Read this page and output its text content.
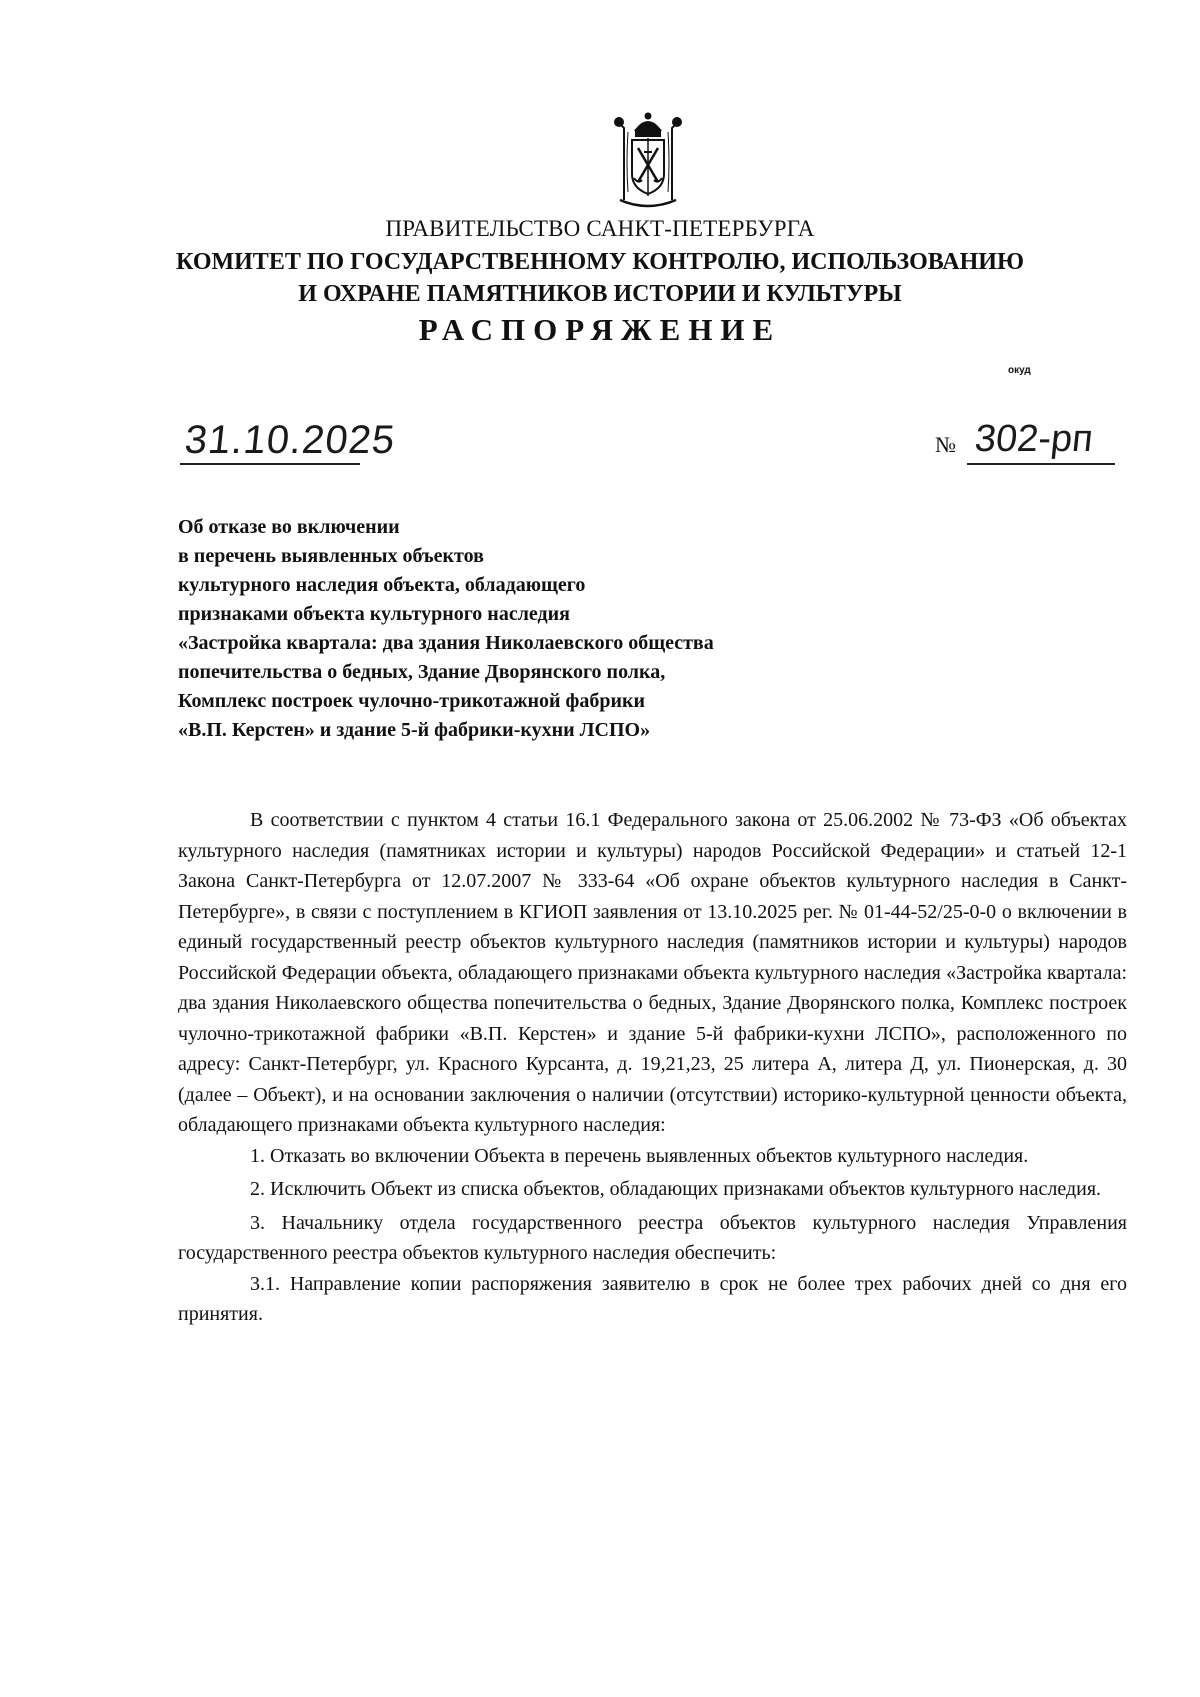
ПРАВИТЕЛЬСТВО САНКТ-ПЕТЕРБУРГА
КОМИТЕТ ПО ГОСУДАРСТВЕННОМУ КОНТРОЛЮ, ИСПОЛЬЗОВАНИЮ
И ОХРАНЕ ПАМЯТНИКОВ ИСТОРИИ И КУЛЬТУРЫ
РАСПОРЯЖЕНИЕ
окуд
31.10.2025	№ 302-рп
Об отказе во включении
в перечень выявленных объектов
культурного наследия объекта, обладающего
признаками объекта культурного наследия
«Застройка квартала: два здания Николаевского общества
попечительства о бедных, Здание Дворянского полка,
Комплекс построек чулочно-трикотажной фабрики
«В.П. Керстен» и здание 5-й фабрики-кухни ЛСПО»

В соответствии с пунктом 4 статьи 16.1 Федерального закона от 25.06.2002 № 73-ФЗ «Об объектах культурного наследия (памятниках истории и культуры) народов Российской Федерации» и статьей 12-1 Закона Санкт-Петербурга от 12.07.2007 № 333-64 «Об охране объектов культурного наследия в Санкт-Петербурге», в связи с поступлением в КГИОП заявления от 13.10.2025 рег. № 01-44-52/25-0-0 о включении в единый государственный реестр объектов культурного наследия (памятников истории и культуры) народов Российской Федерации объекта, обладающего признаками объекта культурного наследия «Застройка квартала: два здания Николаевского общества попечительства о бедных, Здание Дворянского полка, Комплекс построек чулочно-трикотажной фабрики «В.П. Керстен» и здание 5-й фабрики-кухни ЛСПО», расположенного по адресу: Санкт-Петербург, ул. Красного Курсанта, д. 19,21,23, 25 литера А, литера Д, ул. Пионерская, д. 30 (далее – Объект), и на основании заключения о наличии (отсутствии) историко-культурной ценности объекта, обладающего признаками объекта культурного наследия:

1. Отказать во включении Объекта в перечень выявленных объектов культурного наследия.

2. Исключить Объект из списка объектов, обладающих признаками объектов культурного наследия.

3. Начальнику отдела государственного реестра объектов культурного наследия Управления государственного реестра объектов культурного наследия обеспечить:

3.1. Направление копии распоряжения заявителю в срок не более трех рабочих дней со дня его принятия.
